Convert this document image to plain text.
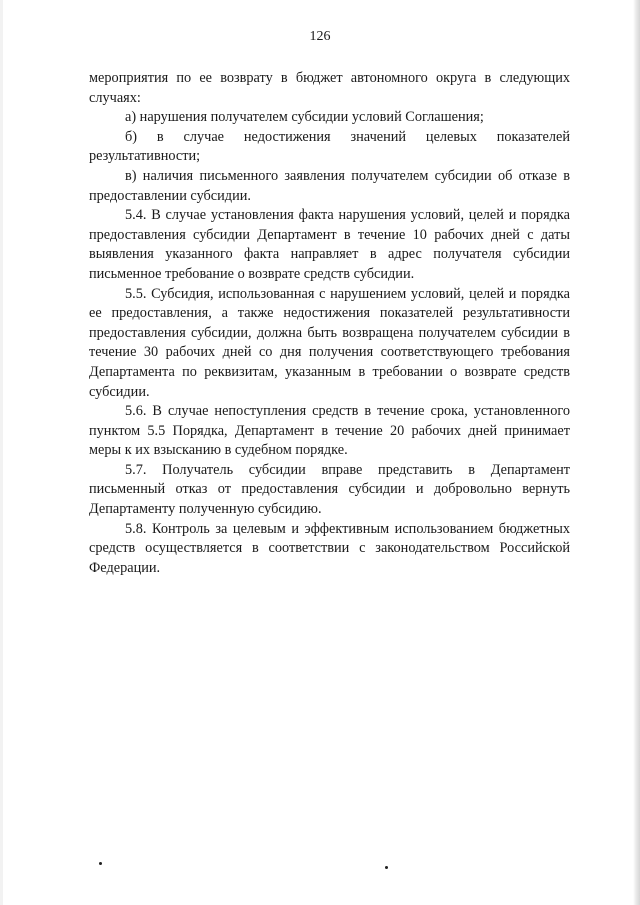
126

мероприятия по ее возврату в бюджет автономного округа в следующих случаях:

а) нарушения получателем субсидии условий Соглашения;

б) в случае недостижения значений целевых показателей результативности;

в) наличия письменного заявления получателем субсидии об отказе в предоставлении субсидии.

5.4. В случае установления факта нарушения условий, целей и порядка предоставления субсидии Департамент в течение 10 рабочих дней с даты выявления указанного факта направляет в адрес получателя субсидии письменное требование о возврате средств субсидии.

5.5. Субсидия, использованная с нарушением условий, целей и порядка ее предоставления, а также недостижения показателей результативности предоставления субсидии, должна быть возвращена получателем субсидии в течение 30 рабочих дней со дня получения соответствующего требования Департамента по реквизитам, указанным в требовании о возврате средств субсидии.

5.6. В случае непоступления средств в течение срока, установленного пунктом 5.5 Порядка, Департамент в течение 20 рабочих дней принимает меры к их взысканию в судебном порядке.

5.7. Получатель субсидии вправе представить в Департамент письменный отказ от предоставления субсидии и добровольно вернуть Департаменту полученную субсидию.

5.8. Контроль за целевым и эффективным использованием бюджетных средств осуществляется в соответствии с законодательством Российской Федерации.
